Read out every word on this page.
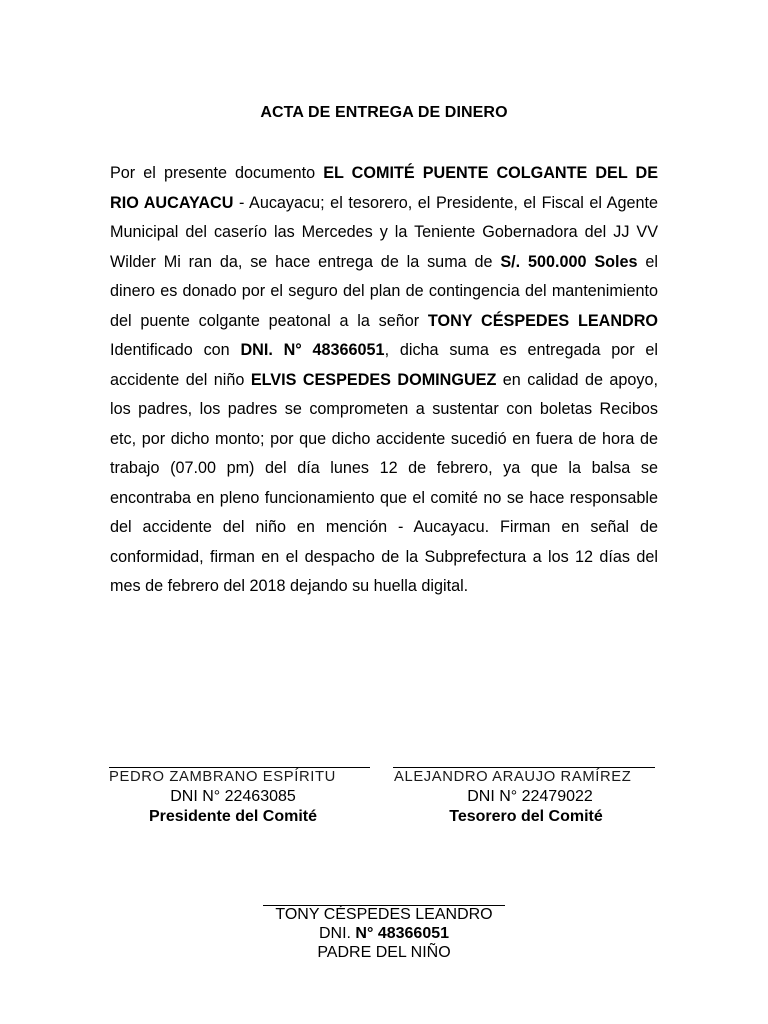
ACTA DE ENTREGA DE DINERO
Por el presente documento EL COMITÉ PUENTE COLGANTE DEL DE RIO AUCAYACU - Aucayacu; el tesorero, el Presidente, el Fiscal el Agente Municipal del caserío las Mercedes y la Teniente Gobernadora del JJ VV Wilder Mi ran da, se hace entrega de la suma de S/. 500.000 Soles el dinero es donado por el seguro del plan de contingencia del mantenimiento del puente colgante peatonal a la señor TONY CÉSPEDES LEANDRO Identificado con DNI. N° 48366051, dicha suma es entregada por el accidente del niño ELVIS CESPEDES DOMINGUEZ en calidad de apoyo, los padres, los padres se comprometen a sustentar con boletas Recibos etc, por dicho monto; por que dicho accidente sucedió en fuera de hora de trabajo (07.00 pm) del día lunes 12 de febrero, ya que la balsa se encontraba en pleno funcionamiento que el comité no se hace responsable del accidente del niño en mención - Aucayacu. Firman en señal de conformidad, firman en el despacho de la Subprefectura a los 12 días del mes de febrero del 2018 dejando su huella digital.
PEDRO ZAMBRANO ESPÍRITU
DNI N° 22463085
Presidente del Comité
ALEJANDRO ARAUJO RAMÍREZ
DNI N° 22479022
Tesorero del Comité
TONY CÉSPEDES LEANDRO
DNI. N° 48366051
PADRE DEL NIÑO
